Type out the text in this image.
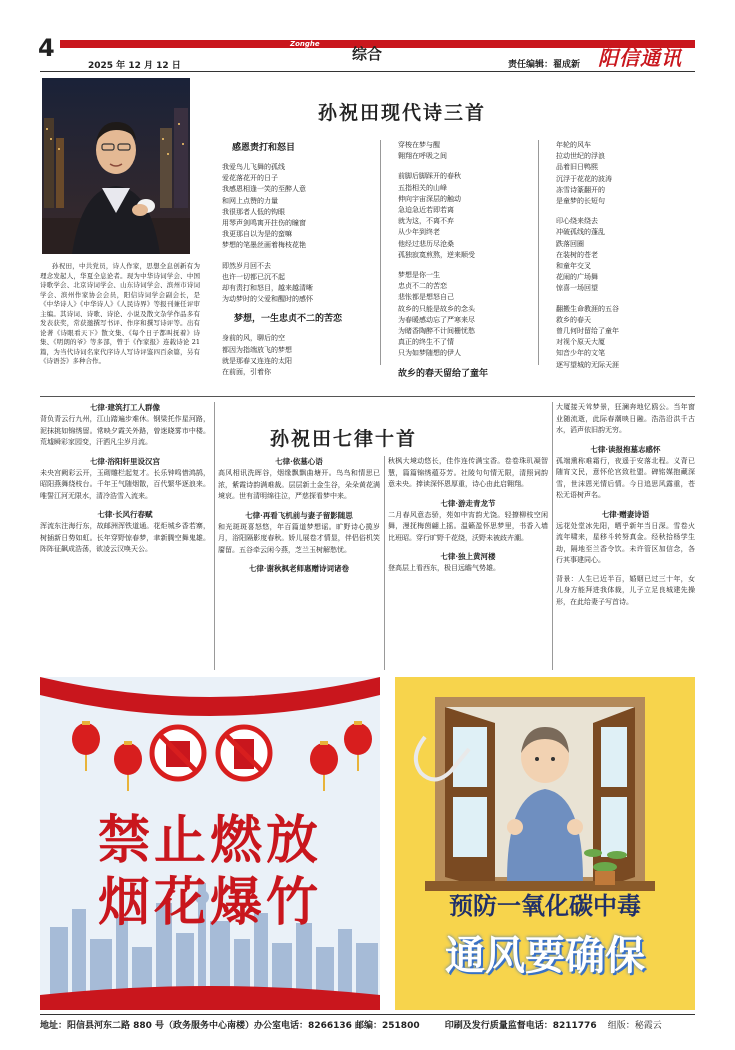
4	Zonghe
综合
2025 年 12 月 12 日	责任编辑：翟成新 阳信通讯
孙祝田，中共党员，诗人作家，思想全息创新有为理念发起人，华夏全息论者。现为中华诗词学会、中国诗歌学会、北京诗词学会、山东诗词学会、滨州市诗词学会、滨州作家协会会员，阳信诗词学会副会长，是《中华诗人》《中华诗人》《人民诗界》等报刊兼任评审主编。其诗词、诗歌、诗论、小说及散文杂学作品多有发表获奖，常获邀撰写书评、作序和撰写诗评等。出有论著《诗眼看天下》散文集、《每个日子都叫抚着》诗集、《明朗的爷》等多部，曾于《作家报》连载诗论 21 篇，为当代诗词名家代序诗人写诗评鉴四百余篇，另有《诗语荟》多种合作。
孙祝田现代诗三首
感恩责打和怒目
我爱鸟儿飞舞的孤线
爱花落花开的日子
我感恩相逢一笑的至醉人意
和网上点赞的力量
我很那者人低的钩眼
用琴声剑鸣寓开拄伤的瞳窗
我更那自以为是的蛮嘛
梦想的笔墨丝画着梅枝花艳
即然岁月回不去
也许一切都已沉不起
却有责打和怒目，越来越清晰
为动梦时的父爱和醒时的感怀
梦想，一生忠贞不二的苦恋
身前的风，聊后的空
都因为指端放飞的梦想
就是那春又连连的太阳
在前面，引着你
穿梭在梦与醒
翱翔在呼吸之间
前脚后脚踩开的春秋
五指相关的山峰
伸向宇宙深层的触动
急迫急近若即若离
就为这，不离不弃
从少年到终老
他经过悲历尽沧桑
孤独寂寞煎熬，逆来顺受
梦想是你一生
忠贞不二的苦恋
悲怅都是想怒自己
故乡的只能是故乡的念头
为春暖感动忘了严寒来尽
为睹香陶醉不计间栅忧愁
真正的终生不了情
只为如梦随想的伊人
故乡的春天留给了童年
年轮的风车
拉动世纪的浮浪
品着旧日鸭熙
沉浮于花花的波涛
冻雪诗篆翻开的
是童梦的长短句
印心绕来绕去
冲破孤线的蓬乱
跌落回圈
在装树的苍老
和童年交叉
花闹的广场舞
惊喜一场回望
翻搬生命教涯的五谷
救乡的春天
曾几何时留给了童年
对视个原天大厦
知音少年的文笔
逐写望城的无际天涯
孙祝田七律十首
七律·建筑打工人群像
背负青云行九州，江山踏遍步难休。钢梁托作星河路，泥抹挑如锦绣留。常映夕霞关外路，曾迷晓雾市中楼。荒墟瞬彩家园变，汗洒凡尘岁月流。
七律·浴阳轩里设汉宫
未央宫阙彩云开，玉砌雕栏起复才。长乐钟鸣惜鸿鹄，昭阳燕舞绕枝台。千年王气随烟散，百代繁华逐浪来。唯誓江河无限水，清冷浩雪入流来。
七律·长风行春赋
浑流东注海行东，故邮洲浑铁道通。花炬城乡香若寨，树插新日势如虹。长年穿野惊春梦，聿新腾空舞鬼雄。阵阵征飙成浩荡，欲凌云汉唤天公。
七律·依墓心语
高风相讯洗晖谷，烟缘飘飘曲塘开。鸟鸟和情思已浓，紫霞诗韵满难裁。层层新土金生谷，朵朵黄花满境哀。世有清明绵往泣，严慈探看梦中来。
七律·再看飞机前与妻子留影随思
和光斑斑喜怒悠，年百篇道梦想谣。旷野诗心揽岁月，浴阳隔影度春秋。娇儿展卷才情显，伴侣俗机笑靥留。五谷牵云闲今燕，芝兰玉树解愁忧。
七律·谢秋枫老师惠赠诗词诸卷
秋枫大境动悠长，佳作连传满宝香。卷卷珠玑凝智慧，篇篇锦绣蕴芬芳。社陵句句情无限，清照词韵意未央。捧读深怀恩厚重，诗心由此启翱翔。
七律·游走青龙节
二月春风意态骄，苑如中宵韵尤饶。轻撩柳枝空闲舞，漫抚梅茵翩上摇。温籁盈怀思梦里，书香入墙比班昭。穿行旷野千花绕，沃野未被歧卉潮。
七律·独上黄河楼
登高层上看西东，极目远瞻气势雄。
大厦接天耸梦景，狂澜奔地忆鸥公。当年窗业随流逝，此际春潮映日融。浩浩沿洪千古水，滔声依旧韵无穷。
七律·读报抱墓志感怀
孤端熏称难霜行，夜遥于安落北程。义背已随宵文民，意怀伦宫致杜盟。碑铭媒抱藏深雪，世沫恩光情后情。今日追思风露重，苍松无语树声名。
七律·赠妻诗语
远花处堂冰先阳，晒乎新年当日深。雪卷火流年啸来，星移斗转努真金。经秋拾杨学生劫，隔地至兰香令饮。未许管区加信念，各行其事建同心。
背景：人生已近半百，婚姻已过三十年，女儿身方能拜进我体裁，儿子立足良城建先操形，在此给妻子写首诗。
禁止燃放
烟花爆竹	预防一氧化碳中毒
通风要确保
地址：阳信县河东二路 880 号（政务服务中心南楼）办公室电话：8266136 邮编：251800	印刷及发行质量监督电话：8211776 组版：秘霞云
